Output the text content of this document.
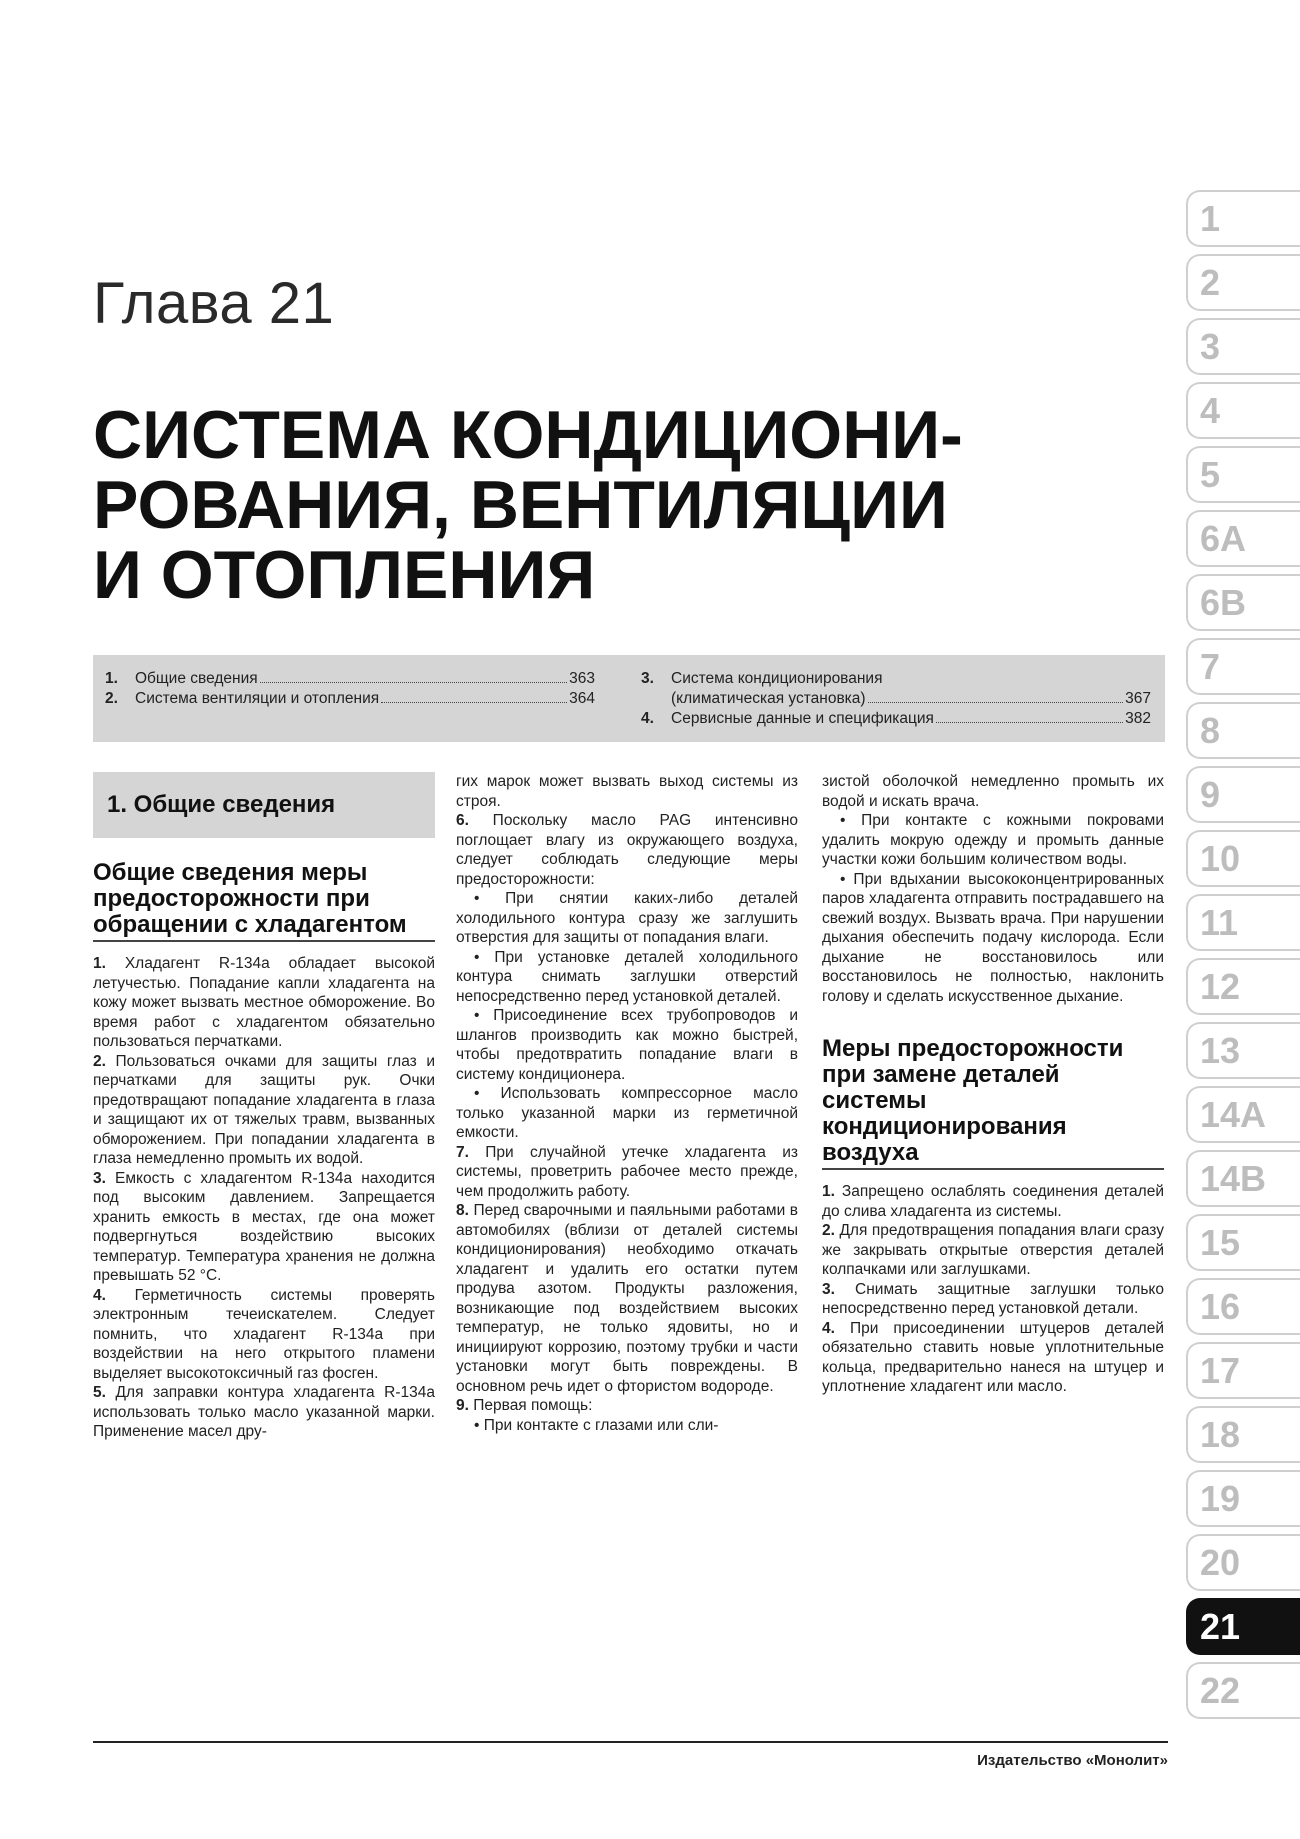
Глава 21
СИСТЕМА КОНДИЦИОНИ-
РОВАНИЯ, ВЕНТИЛЯЦИИ
И ОТОПЛЕНИЯ
1.	Общие сведения	363
2.	Система вентиляции и отопления	364
3.	Система кондиционирования
(климатическая установка)	367
4.	Сервисные данные и спецификация	382
1. Общие сведения
Общие сведения меры предосторожности при обращении с хладагентом

1. Хладагент R-134a обладает высокой летучестью. Попадание капли хладагента на кожу может вызвать местное обморожение. Во время работ с хладагентом обязательно пользоваться перчатками.

2. Пользоваться очками для защиты глаз и перчатками для защиты рук. Очки предотвращают попадание хладагента в глаза и защищают их от тяжелых травм, вызванных обморожением. При попадании хладагента в глаза немедленно промыть их водой.

3. Емкость с хладагентом R-134a находится под высоким давлением. Запрещается хранить емкость в местах, где она может подвергнуться воздействию высоких температур. Температура хранения не должна превышать 52 °С.

4. Герметичность системы проверять электронным течеискателем. Следует помнить, что хладагент R-134a при воздействии на него открытого пламени выделяет высокотоксичный газ фосген.

5. Для заправки контура хладагента R-134a использовать только масло указанной марки. Применение масел дру-

гих марок может вызвать выход системы из строя.

6. Поскольку масло PAG интенсивно поглощает влагу из окружающего воздуха, следует соблюдать следующие меры предосторожности:

• При снятии каких-либо деталей холодильного контура сразу же заглушить отверстия для защиты от попадания влаги.

• При установке деталей холодильного контура снимать заглушки отверстий непосредственно перед установкой деталей.

• Присоединение всех трубопроводов и шлангов производить как можно быстрей, чтобы предотвратить попадание влаги в систему кондиционера.

• Использовать компрессорное масло только указанной марки из герметичной емкости.

7. При случайной утечке хладагента из системы, проветрить рабочее место прежде, чем продолжить работу.

8. Перед сварочными и паяльными работами в автомобилях (вблизи от деталей системы кондиционирования) необходимо откачать хладагент и удалить его остатки путем продува азотом. Продукты разложения, возникающие под воздействием высоких температур, не только ядовиты, но и инициируют коррозию, поэтому трубки и части установки могут быть повреждены. В основном речь идет о фтористом водороде.

9. Первая помощь:

• При контакте с глазами или сли-

зистой оболочкой немедленно промыть их водой и искать врача.

• При контакте с кожными покровами удалить мокрую одежду и промыть данные участки кожи большим количеством воды.

• При вдыхании высококонцентрированных паров хладагента отправить пострадавшего на свежий воздух. Вызвать врача. При нарушении дыхания обеспечить подачу кислорода. Если дыхание не восстановилось или восстановилось не полностью, наклонить голову и сделать искусственное дыхание.

Меры предосторожности при замене деталей системы кондиционирования воздуха

1. Запрещено ослаблять соединения деталей до слива хладагента из системы.

2. Для предотвращения попадания влаги сразу же закрывать открытые отверстия деталей колпачками или заглушками.

3. Снимать защитные заглушки только непосредственно перед установкой детали.

4. При присоединении штуцеров деталей обязательно ставить новые уплотнительные кольца, предварительно нанеся на штуцер и уплотнение хладагент или масло.

1
2
3
4
5
6A
6B
7
8
9
10
11
12
13
14A
14B
15
16
17
18
19
20
21
22
Издательство «Монолит»
